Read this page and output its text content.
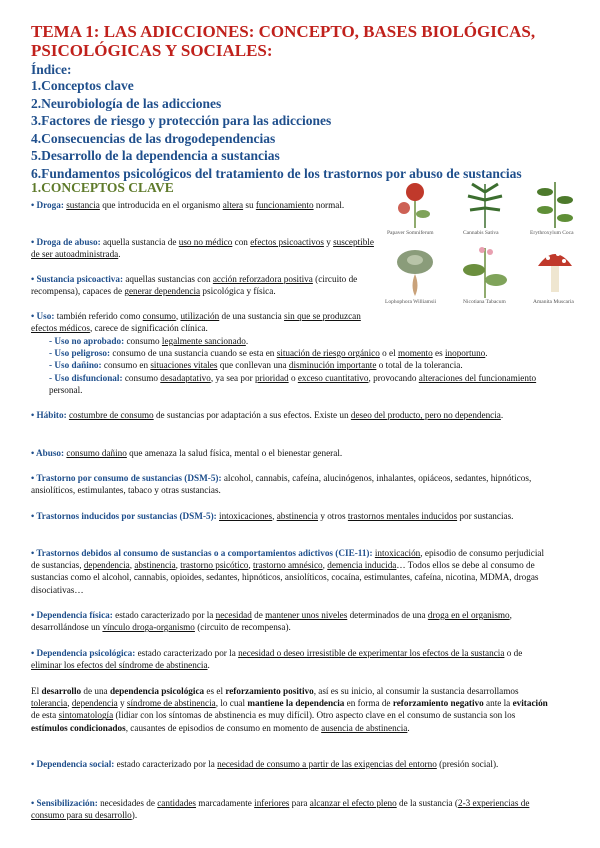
TEMA 1: LAS ADICCIONES: CONCEPTO, BASES BIOLÓGICAS, PSICOLÓGICAS Y SOCIALES:
Índice:
1.Conceptos clave
2.Neurobiología de las adicciones
3.Factores de riesgo y protección para las adicciones
4.Consecuencias de las drogodependencias
5.Desarrollo de la dependencia a sustancias
6.Fundamentos psicológicos del tratamiento de los trastornos por abuso de sustancias
1.CONCEPTOS CLAVE
Papaver Somniferum	Cannabis Sativa	Erythroxylum Coca
Lophophora Williamsii	Nicotiana Tabacum	Amanita Muscaria
• Droga: sustancia que introducida en el organismo altera su funcionamiento normal.
• Droga de abuso: aquella sustancia de uso no médico con efectos psicoactivos y susceptible de ser autoadministrada.
• Sustancia psicoactiva: aquellas sustancias con acción reforzadora positiva (circuito de recompensa), capaces de generar dependencia psicológica y física.
• Uso: también referido como consumo, utilización de una sustancia sin que se produzcan efectos médicos, carece de significación clínica.
- Uso no aprobado: consumo legalmente sancionado.
- Uso peligroso: consumo de una sustancia cuando se esta en situación de riesgo orgánico o el momento es inoportuno.
- Uso dañino: consumo en situaciones vitales que conllevan una disminución importante o total de la tolerancia.
- Uso disfuncional: consumo desadaptativo, ya sea por prioridad o exceso cuantitativo, provocando alteraciones del funcionamiento personal.
• Hábito: costumbre de consumo de sustancias por adaptación a sus efectos. Existe un deseo del producto, pero no dependencia.
• Abuso: consumo dañino que amenaza la salud física, mental o el bienestar general.
• Trastorno por consumo de sustancias (DSM-5): alcohol, cannabis, cafeína, alucinógenos, inhalantes, opiáceos, sedantes, hipnóticos, ansiolíticos, estimulantes, tabaco y otras sustancias.
• Trastornos inducidos por sustancias (DSM-5): intoxicaciones, abstinencia y otros trastornos mentales inducidos por sustancias.
• Trastornos debidos al consumo de sustancias o a comportamientos adictivos (CIE-11): intoxicación, episodio de consumo perjudicial de sustancias, dependencia, abstinencia, trastorno psicótico, trastorno amnésico, demencia inducida… Todos ellos se debe al consumo de sustancias como el alcohol, cannabis, opioides, sedantes, hipnóticos, ansiolíticos, cocaína, estimulantes, cafeína, nicotina, MDMA, drogas disociativas…
• Dependencia física: estado caracterizado por la necesidad de mantener unos niveles determinados de una droga en el organismo, desarrollándose un vínculo droga-organismo (circuito de recompensa).
• Dependencia psicológica: estado caracterizado por la necesidad o deseo irresistible de experimentar los efectos de la sustancia o de eliminar los efectos del síndrome de abstinencia.
El desarrollo de una dependencia psicológica es el reforzamiento positivo, así es su inicio, al consumir la sustancia desarrollamos tolerancia, dependencia y síndrome de abstinencia, lo cual mantiene la dependencia en forma de reforzamiento negativo ante la evitación de esta sintomatología (lidiar con los síntomas de abstinencia es muy difícil). Otro aspecto clave en el consumo de sustancia son los estímulos condicionados, causantes de episodios de consumo en momento de ausencia de abstinencia.
• Dependencia social: estado caracterizado por la necesidad de consumo a partir de las exigencias del entorno (presión social).
• Sensibilización: necesidades de cantidades marcadamente inferiores para alcanzar el efecto pleno de la sustancia (2-3 experiencias de consumo para su desarrollo).
